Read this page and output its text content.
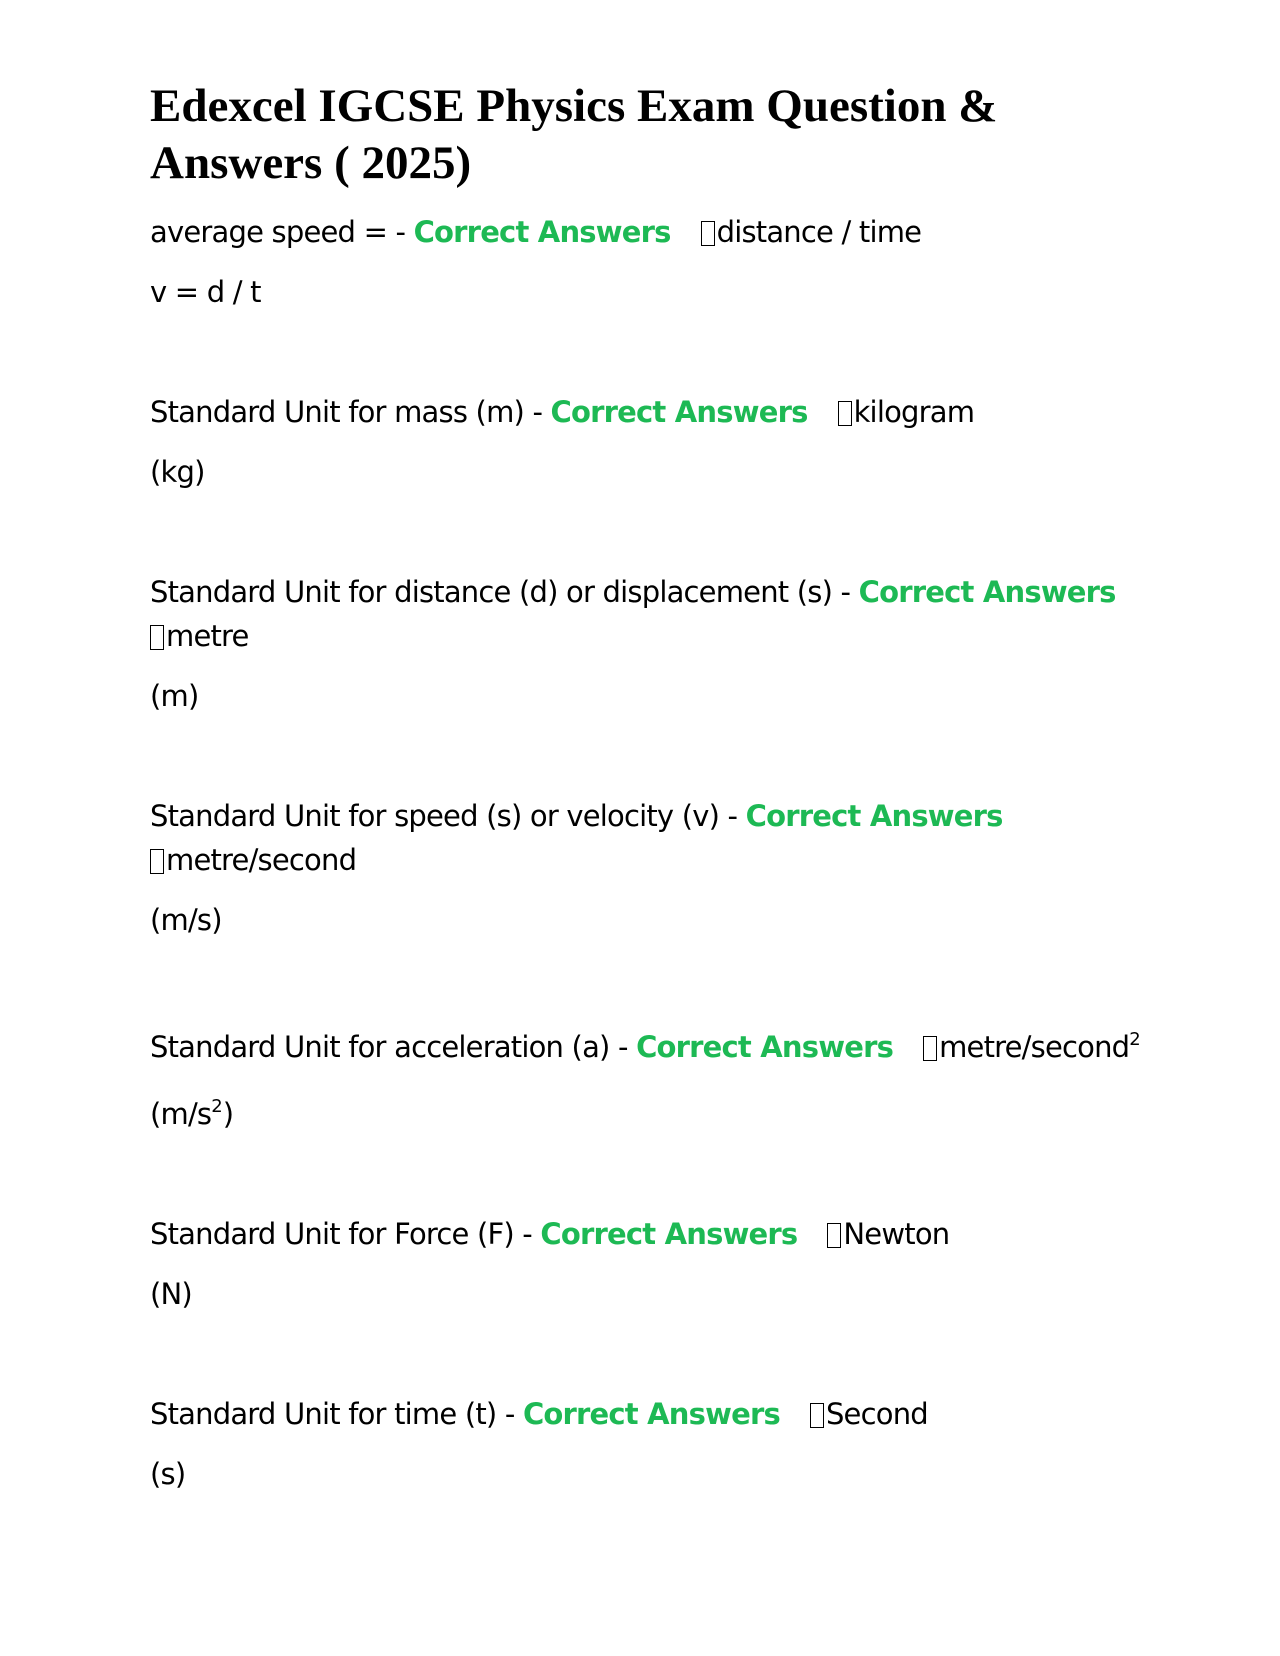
Edexcel IGCSE Physics Exam Question & Answers ( 2025)

average speed = - Correct Answers distance / time

v = d / t

Standard Unit for mass (m) - Correct Answers kilogram

(kg)

Standard Unit for distance (d) or displacement (s) - Correct Answers

metre

(m)

Standard Unit for speed (s) or velocity (v) - Correct Answers

metre/second

(m/s)

Standard Unit for acceleration (a) - Correct Answers metre/second$^2$

$(m/s^2)$

Standard Unit for Force (F) - Correct Answers Newton

(N)

Standard Unit for time (t) - Correct Answers Second

(s)
